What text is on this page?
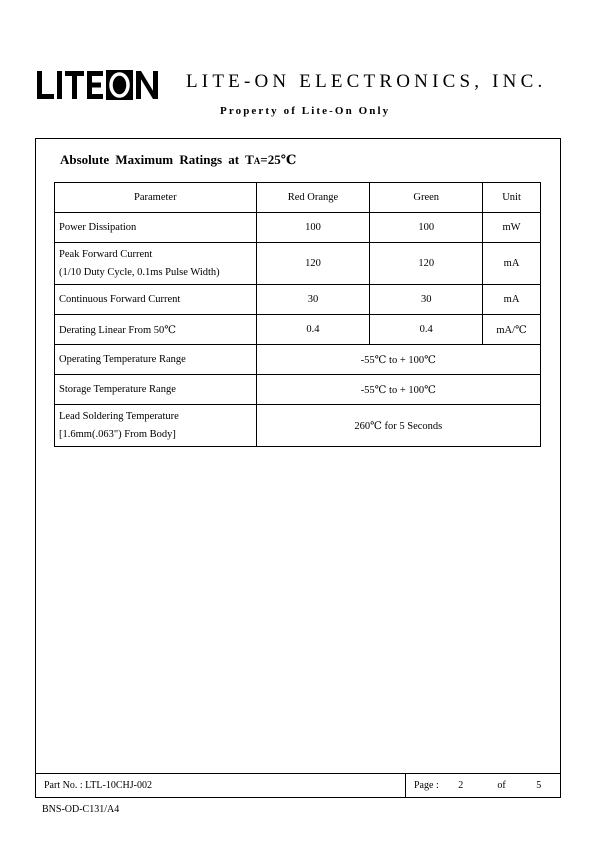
LITE-ON ELECTRONICS, INC.
Property of Lite-On Only
Absolute Maximum Ratings at TA=25℃
Parameter	Red Orange	Green	Unit
Power Dissipation	100	100	mW

Peak Forward Current
(1/10 Duty Cycle, 0.1ms Pulse Width)	120	120	mA
Continuous Forward Current	30	30	mA
Derating Linear From 50℃	0.4	0.4	mA/℃
Operating Temperature Range	-55℃ to + 100℃		
Storage Temperature Range	-55℃ to + 100℃		

Lead Soldering Temperature
[1.6mm(.063") From Body]	260℃ for 5 Seconds		
Part No. : LTL-10CHJ-002	Page : 2	of	5
BNS-OD-C131/A4
